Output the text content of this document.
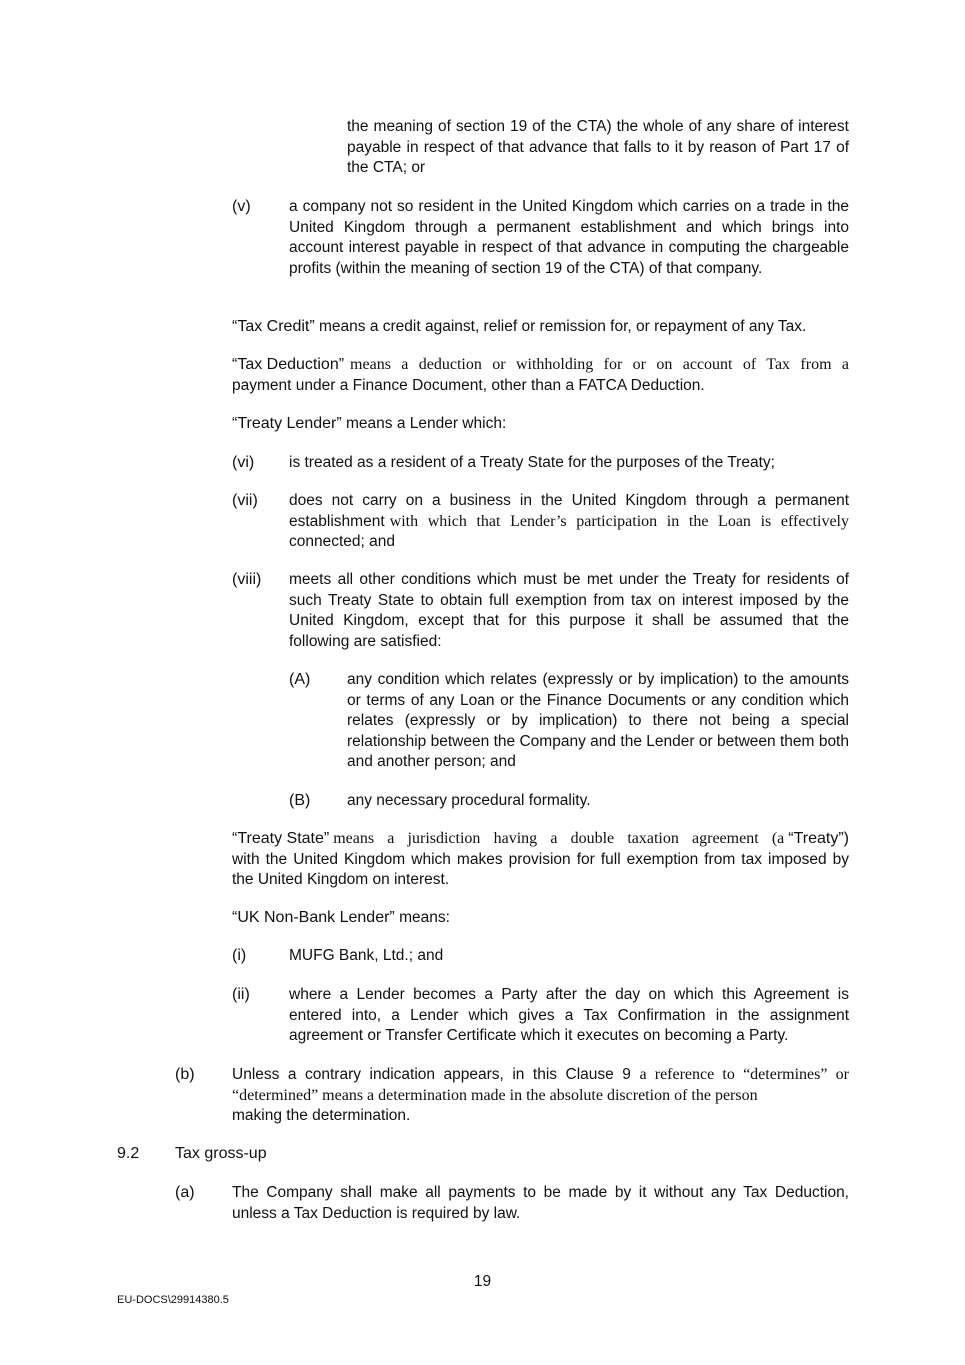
the meaning of section 19 of the CTA) the whole of any share of interest payable in respect of that advance that falls to it by reason of Part 17 of the CTA; or
(v) a company not so resident in the United Kingdom which carries on a trade in the United Kingdom through a permanent establishment and which brings into account interest payable in respect of that advance in computing the chargeable profits (within the meaning of section 19 of the CTA) of that company.
“Tax Credit” means a credit against, relief or remission for, or repayment of any Tax.
“Tax Deduction” means a deduction or withholding for or on account of Tax from a
payment under a Finance Document, other than a FATCA Deduction.
“Treaty Lender” means a Lender which:
(vi) is treated as a resident of a Treaty State for the purposes of the Treaty;
(vii) does not carry on a business in the United Kingdom through a permanent
establishment with which that Lender’s participation in the Loan is effectively
connected; and
(viii) meets all other conditions which must be met under the Treaty for residents of such Treaty State to obtain full exemption from tax on interest imposed by the United Kingdom, except that for this purpose it shall be assumed that the following are satisfied:
(A) any condition which relates (expressly or by implication) to the amounts or terms of any Loan or the Finance Documents or any condition which relates (expressly or by implication) to there not being a special relationship between the Company and the Lender or between them both and another person; and
(B) any necessary procedural formality.
“Treaty State” means a jurisdiction having a double taxation agreement (a “Treaty”)
with the United Kingdom which makes provision for full exemption from tax imposed by the United Kingdom on interest.
“UK Non-Bank Lender” means:
(i)	MUFG Bank, Ltd.; and
(ii)	where a Lender becomes a Party after the day on which this Agreement is entered into, a Lender which gives a Tax Confirmation in the assignment agreement or Transfer Certificate which it executes on becoming a Party.
(b) Unless a contrary indication appears, in this Clause 9 a reference to “determines” or “determined” means a determination made in the absolute discretion of the person
making the determination.
9.2 Tax gross-up
(a) The Company shall make all payments to be made by it without any Tax Deduction, unless a Tax Deduction is required by law.
19
EU-DOCS\29914380.5
